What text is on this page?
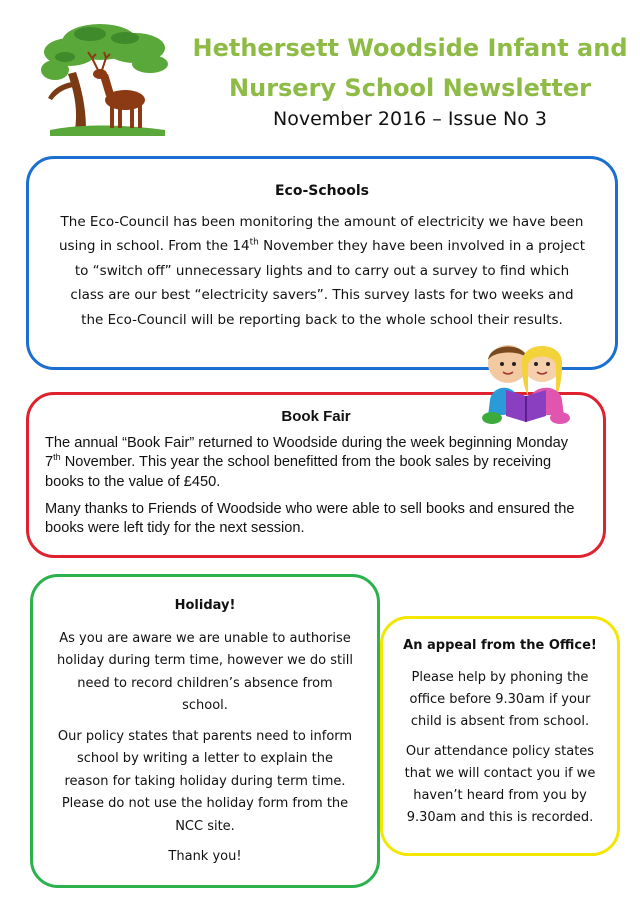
Hethersett Woodside Infant and Nursery School Newsletter
November 2016 – Issue No 3
Eco-Schools
The Eco-Council has been monitoring the amount of electricity we have been using in school. From the 14th November they have been involved in a project to “switch off” unnecessary lights and to carry out a survey to find which class are our best “electricity savers”. This survey lasts for two weeks and the Eco-Council will be reporting back to the whole school their results.
Book Fair

The annual “Book Fair” returned to Woodside during the week beginning Monday 7th November. This year the school benefitted from the book sales by receiving books to the value of £450.

Many thanks to Friends of Woodside who were able to sell books and ensured the books were left tidy for the next session.

Holiday!

As you are aware we are unable to authorise holiday during term time, however we do still need to record children’s absence from school.

Our policy states that parents need to inform school by writing a letter to explain the reason for taking holiday during term time. Please do not use the holiday form from the NCC site.

Thank you!

An appeal from the Office!

Please help by phoning the office before 9.30am if your child is absent from school.

Our attendance policy states that we will contact you if we haven’t heard from you by 9.30am and this is recorded.
